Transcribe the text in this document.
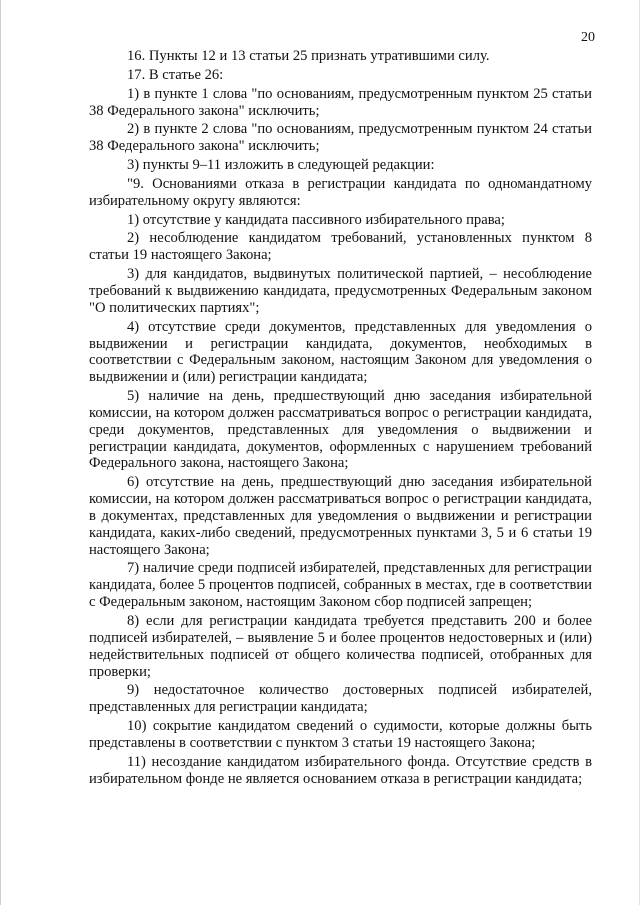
20

16. Пункты 12 и 13 статьи 25 признать утратившими силу.

17. В статье 26:

1) в пункте 1 слова "по основаниям, предусмотренным пунктом 25 статьи 38 Федерального закона" исключить;

2) в пункте 2 слова "по основаниям, предусмотренным пунктом 24 статьи 38 Федерального закона" исключить;

3) пункты 9–11 изложить в следующей редакции:

"9. Основаниями отказа в регистрации кандидата по одномандатному избирательному округу являются:

1) отсутствие у кандидата пассивного избирательного права;

2) несоблюдение кандидатом требований, установленных пунктом 8 статьи 19 настоящего Закона;

3) для кандидатов, выдвинутых политической партией, – несоблюдение требований к выдвижению кандидата, предусмотренных Федеральным законом "О политических партиях";

4) отсутствие среди документов, представленных для уведомления о выдвижении и регистрации кандидата, документов, необходимых в соответствии с Федеральным законом, настоящим Законом для уведомления о выдвижении и (или) регистрации кандидата;

5) наличие на день, предшествующий дню заседания избирательной комиссии, на котором должен рассматриваться вопрос о регистрации кандидата, среди документов, представленных для уведомления о выдвижении и регистрации кандидата, документов, оформленных с нарушением требований Федерального закона, настоящего Закона;

6) отсутствие на день, предшествующий дню заседания избирательной комиссии, на котором должен рассматриваться вопрос о регистрации кандидата, в документах, представленных для уведомления о выдвижении и регистрации кандидата, каких-либо сведений, предусмотренных пунктами 3, 5 и 6 статьи 19 настоящего Закона;

7) наличие среди подписей избирателей, представленных для регистрации кандидата, более 5 процентов подписей, собранных в местах, где в соответствии с Федеральным законом, настоящим Законом сбор подписей запрещен;

8) если для регистрации кандидата требуется представить 200 и более подписей избирателей, – выявление 5 и более процентов недостоверных и (или) недействительных подписей от общего количества подписей, отобранных для проверки;

9) недостаточное количество достоверных подписей избирателей, представленных для регистрации кандидата;

10) сокрытие кандидатом сведений о судимости, которые должны быть представлены в соответствии с пунктом 3 статьи 19 настоящего Закона;

11) несоздание кандидатом избирательного фонда. Отсутствие средств в избирательном фонде не является основанием отказа в регистрации кандидата;
